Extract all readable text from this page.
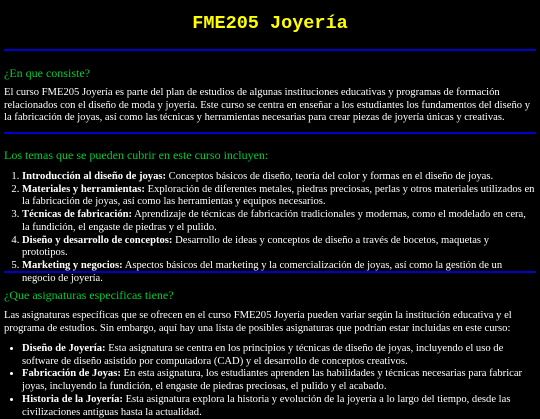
FME205 Joyería
¿En que consiste?

El curso FME205 Joyería es parte del plan de estudios de algunas instituciones educativas y programas de formación relacionados con el diseño de moda y joyería. Este curso se centra en enseñar a los estudiantes los fundamentos del diseño y la fabricación de joyas, así como las técnicas y herramientas necesarias para crear piezas de joyería únicas y creativas.

Los temas que se pueden cubrir en este curso incluyen:
1. Introducción al diseño de joyas: Conceptos básicos de diseño, teoría del color y formas en el diseño de joyas.
2. Materiales y herramientas: Exploración de diferentes metales, piedras preciosas, perlas y otros materiales utilizados en la fabricación de joyas, así como las herramientas y equipos necesarios.
3. Técnicas de fabricación: Aprendizaje de técnicas de fabricación tradicionales y modernas, como el modelado en cera, la fundición, el engaste de piedras y el pulido.
4. Diseño y desarrollo de conceptos: Desarrollo de ideas y conceptos de diseño a través de bocetos, maquetas y prototipos.
5. Marketing y negocios: Aspectos básicos del marketing y la comercialización de joyas, así como la gestión de un negocio de joyería.
¿Que asignaturas especificas tiene?

Las asignaturas específicas que se ofrecen en el curso FME205 Joyería pueden variar según la institución educativa y el programa de estudios. Sin embargo, aquí hay una lista de posibles asignaturas que podrían estar incluidas en este curso:

• Diseño de Joyería: Esta asignatura se centra en los principios y técnicas de diseño de joyas, incluyendo el uso de software de diseño asistido por computadora (CAD) y el desarrollo de conceptos creativos.
• Fabricación de Joyas: En esta asignatura, los estudiantes aprenden las habilidades y técnicas necesarias para fabricar joyas, incluyendo la fundición, el engaste de piedras preciosas, el pulido y el acabado.
• Historia de la Joyería: Esta asignatura explora la historia y evolución de la joyería a lo largo del tiempo, desde las civilizaciones antiguas hasta la actualidad.
